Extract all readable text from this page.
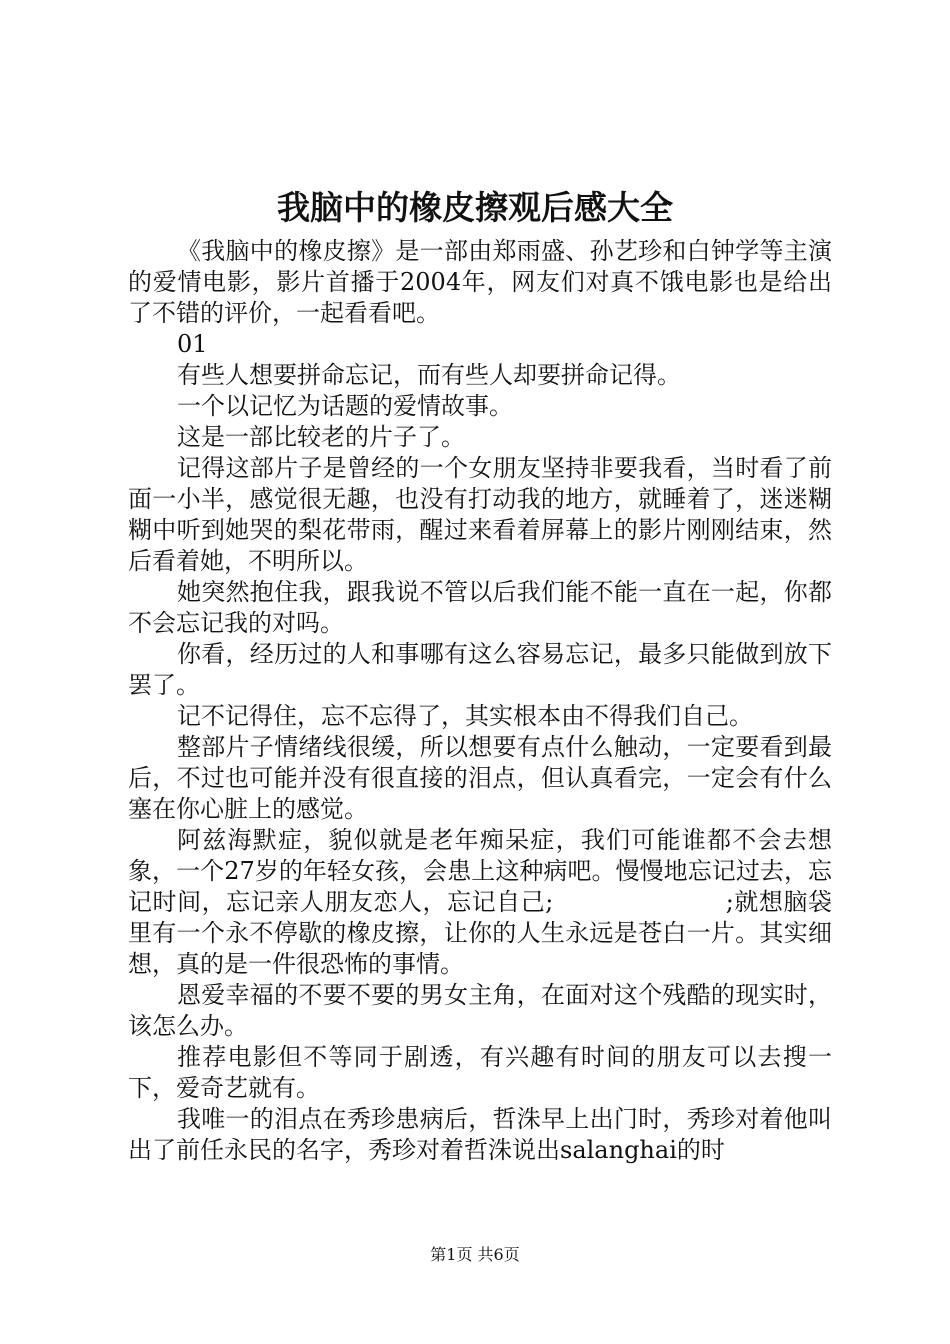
我脑中的橡皮擦观后感大全

《我脑中的橡皮擦》是一部由郑雨盛、孙艺珍和白钟学等主演的爱情电影，影片首播于2004年，网友们对真不饿电影也是给出了不错的评价，一起看看吧。

01

有些人想要拼命忘记，而有些人却要拼命记得。

一个以记忆为话题的爱情故事。

这是一部比较老的片子了。

记得这部片子是曾经的一个女朋友坚持非要我看，当时看了前面一小半，感觉很无趣，也没有打动我的地方，就睡着了，迷迷糊糊中听到她哭的梨花带雨，醒过来看着屏幕上的影片刚刚结束，然后看着她，不明所以。

她突然抱住我，跟我说不管以后我们能不能一直在一起，你都不会忘记我的对吗。

你看，经历过的人和事哪有这么容易忘记，最多只能做到放下罢了。

记不记得住，忘不忘得了，其实根本由不得我们自己。

整部片子情绪线很缓，所以想要有点什么触动，一定要看到最后，不过也可能并没有很直接的泪点，但认真看完，一定会有什么塞在你心脏上的感觉。

阿兹海默症，貌似就是老年痴呆症，我们可能谁都不会去想象，一个27岁的年轻女孩，会患上这种病吧。慢慢地忘记过去，忘记时间，忘记亲人朋友恋人，忘记自己;　　　　　　　;就想脑袋里有一个永不停歇的橡皮擦，让你的人生永远是苍白一片。其实细想，真的是一件很恐怖的事情。

恩爱幸福的不要不要的男女主角，在面对这个残酷的现实时，该怎么办。

推荐电影但不等同于剧透，有兴趣有时间的朋友可以去搜一下，爱奇艺就有。

我唯一的泪点在秀珍患病后，哲洙早上出门时，秀珍对着他叫出了前任永民的名字，秀珍对着哲洙说出salanghai的时

第1页 共6页
